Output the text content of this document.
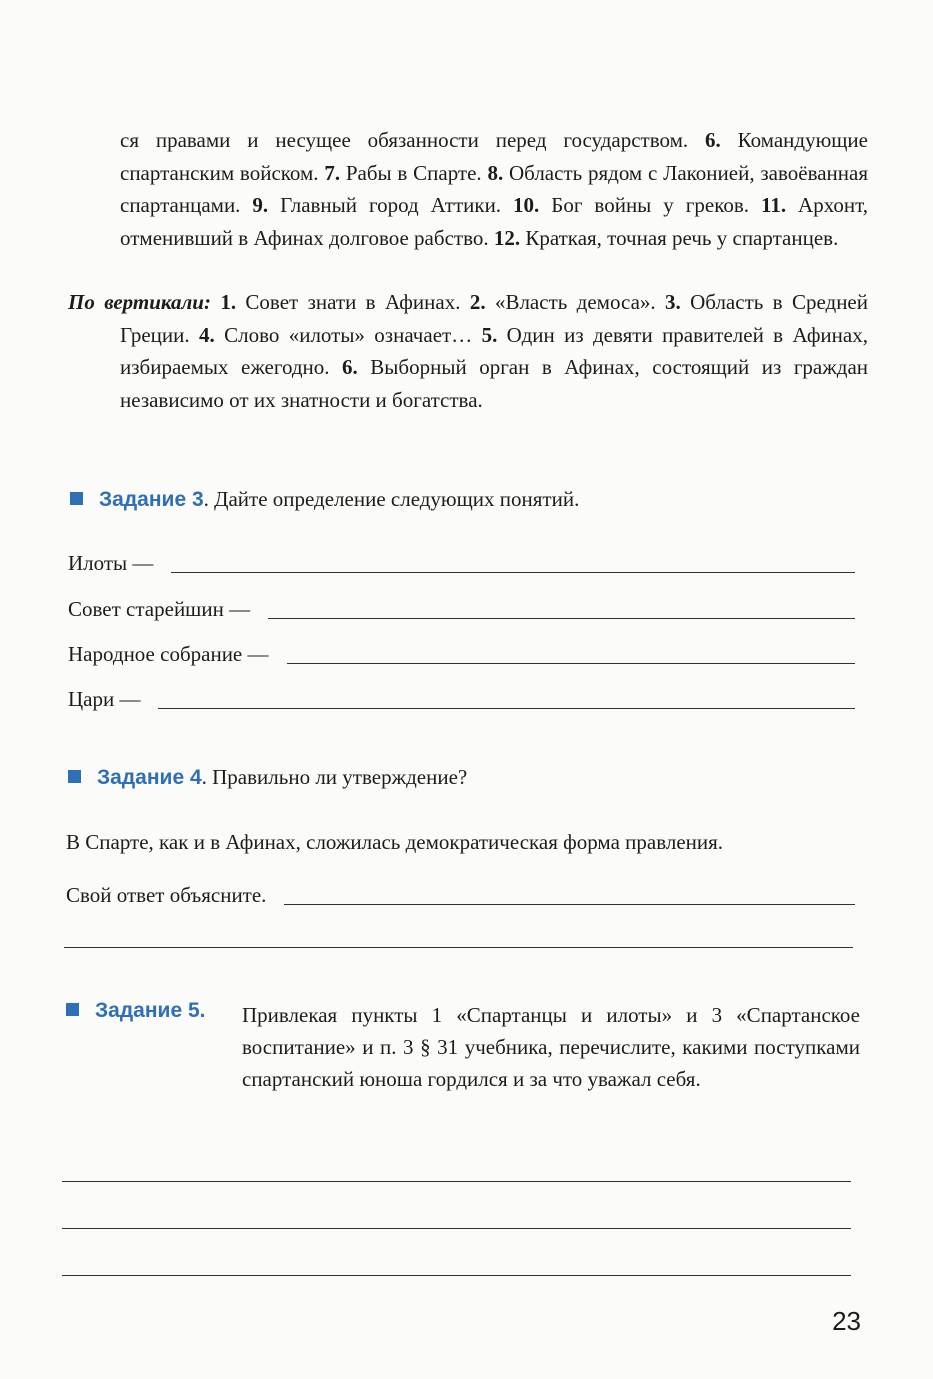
ся правами и несущее обязанности перед государством. 6. Командующие спартанским войском. 7. Рабы в Спарте. 8. Область рядом с Лаконией, завоёванная спартанцами. 9. Главный город Аттики. 10. Бог войны у греков. 11. Архонт, отменивший в Афинах долговое рабство. 12. Краткая, точная речь у спартанцев.

По вертикали: 1. Совет знати в Афинах. 2. «Власть демоса». 3. Область в Средней Греции. 4. Слово «илоты» означает… 5. Один из девяти правителей в Афинах, избираемых ежегодно. 6. Выборный орган в Афинах, состоящий из граждан независимо от их знатности и богатства.

Задание 3. Дайте определение следующих понятий.
Илоты —
Совет старейшин —
Народное собрание —
Цари —
Задание 4. Правильно ли утверждение?
В Спарте, как и в Афинах, сложилась демократическая форма правления.
Свой ответ объясните.
Задание 5. Привлекая пункты 1 «Спартанцы и илоты» и 3 «Спартанское воспитание» и п. 3 § 31 учебника, перечислите, какими поступками спартанский юноша гордился и за что уважал себя.

23
